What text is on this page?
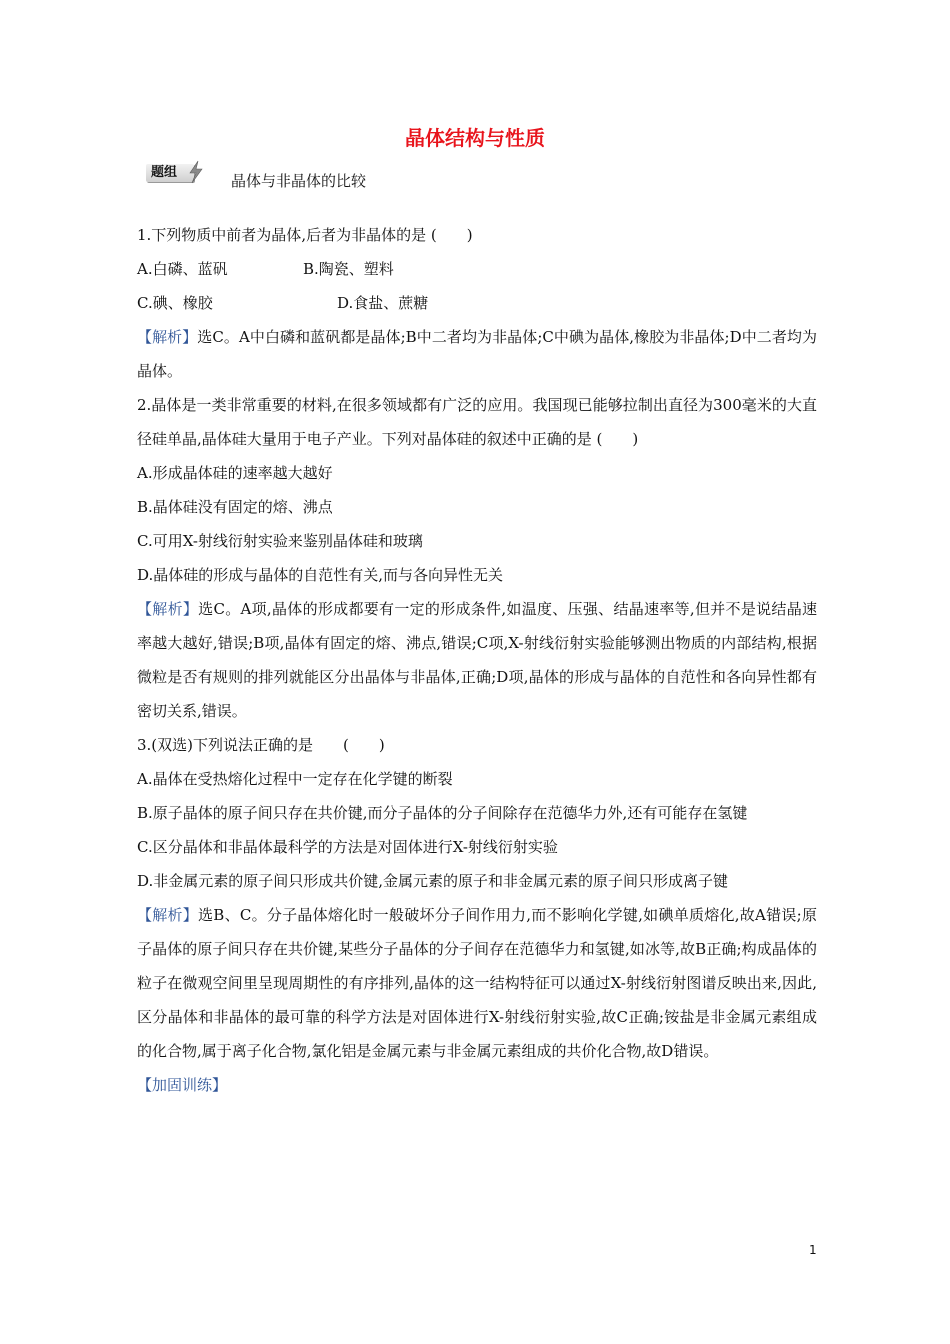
晶体结构与性质
题组	晶体与非晶体的比较

1.下列物质中前者为晶体,后者为非晶体的是 (　　)

A.白磷、蓝矾	B.陶瓷、塑料
C.碘、橡胶	D.食盐、蔗糖

【解析】选C。A中白磷和蓝矾都是晶体;B中二者均为非晶体;C中碘为晶体,橡胶为非晶体;D中二者均为晶体。

2.晶体是一类非常重要的材料,在很多领域都有广泛的应用。我国现已能够拉制出直径为300毫米的大直径硅单晶,晶体硅大量用于电子产业。下列对晶体硅的叙述中正确的是 (　　)

A.形成晶体硅的速率越大越好

B.晶体硅没有固定的熔、沸点

C.可用X-射线衍射实验来鉴别晶体硅和玻璃

D.晶体硅的形成与晶体的自范性有关,而与各向异性无关

【解析】选C。A项,晶体的形成都要有一定的形成条件,如温度、压强、结晶速率等,但并不是说结晶速率越大越好,错误;B项,晶体有固定的熔、沸点,错误;C项,X-射线衍射实验能够测出物质的内部结构,根据微粒是否有规则的排列就能区分出晶体与非晶体,正确;D项,晶体的形成与晶体的自范性和各向异性都有密切关系,错误。

3.(双选)下列说法正确的是　　(　　)

A.晶体在受热熔化过程中一定存在化学键的断裂

B.原子晶体的原子间只存在共价键,而分子晶体的分子间除存在范德华力外,还有可能存在氢键

C.区分晶体和非晶体最科学的方法是对固体进行X-射线衍射实验

D.非金属元素的原子间只形成共价键,金属元素的原子和非金属元素的原子间只形成离子键

【解析】选B、C。分子晶体熔化时一般破坏分子间作用力,而不影响化学键,如碘单质熔化,故A错误;原子晶体的原子间只存在共价键,某些分子晶体的分子间存在范德华力和氢键,如冰等,故B正确;构成晶体的粒子在微观空间里呈现周期性的有序排列,晶体的这一结构特征可以通过X-射线衍射图谱反映出来,因此,区分晶体和非晶体的最可靠的科学方法是对固体进行X-射线衍射实验,故C正确;铵盐是非金属元素组成的化合物,属于离子化合物,氯化铝是金属元素与非金属元素组成的共价化合物,故D错误。

【加固训练】

1
